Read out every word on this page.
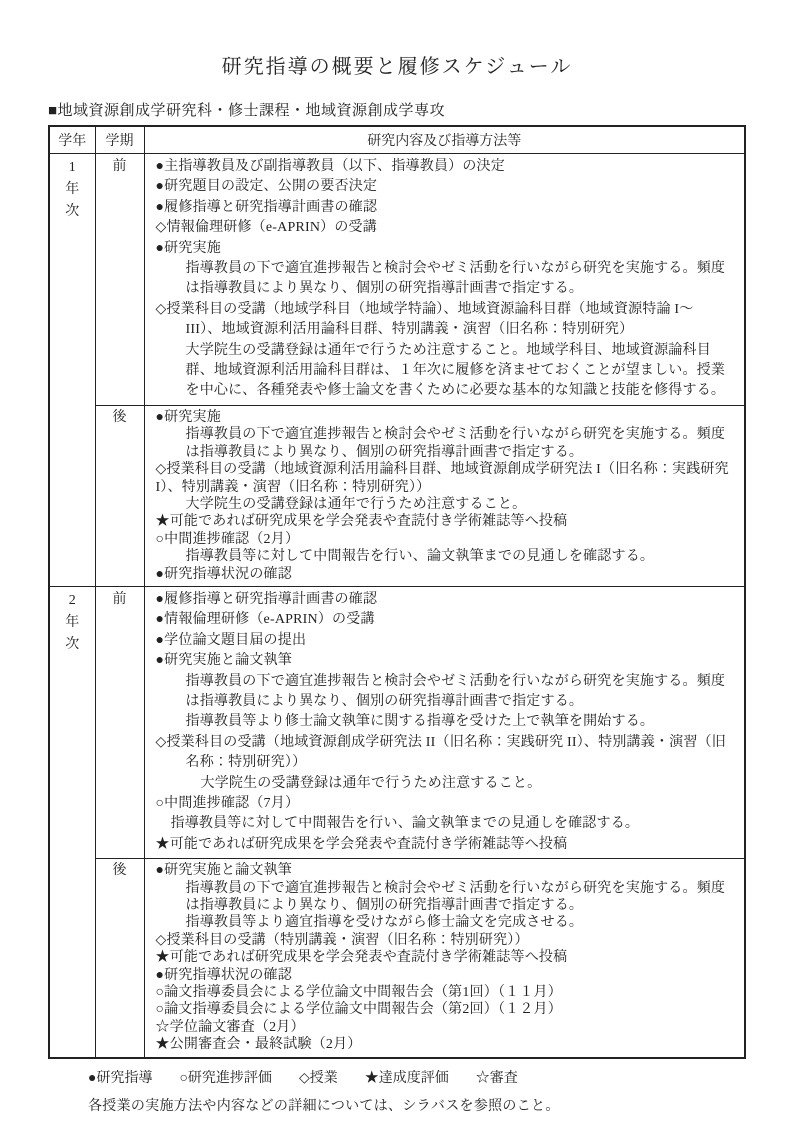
研究指導の概要と履修スケジュール
■地域資源創成学研究科・修士課程・地域資源創成学専攻
学年	学期	研究内容及び指導方法等

1
年
次
	前	●主指導教員及び副指導教員（以下、指導教員）の決定
●研究題目の設定、公開の要否決定
●履修指導と研究指導計画書の確認
◇情報倫理研修（e-APRIN）の受講
●研究実施
指導教員の下で適宜進捗報告と検討会やゼミ活動を行いながら研究を実施する。頻度
は指導教員により異なり、個別の研究指導計画書で指定する。
◇授業科目の受講（地域学科目（地域学特論）、地域資源論科目群（地域資源特論 I～
III）、地域資源利活用論科目群、特別講義・演習（旧名称：特別研究）
大学院生の受講登録は通年で行うため注意すること。地域学科目、地域資源論科目
群、地域資源利活用論科目群は、１年次に履修を済ませておくことが望ましい。授業
を中心に、各種発表や修士論文を書くために必要な基本的な知識と技能を修得する。

後	●研究実施
指導教員の下で適宜進捗報告と検討会やゼミ活動を行いながら研究を実施する。頻度
は指導教員により異なり、個別の研究指導計画書で指定する。
◇授業科目の受講（地域資源利活用論科目群、地域資源創成学研究法 I（旧名称：実践研究
I）、特別講義・演習（旧名称：特別研究））
大学院生の受講登録は通年で行うため注意すること。
★可能であれば研究成果を学会発表や査読付き学術雑誌等へ投稿
○中間進捗確認（2月）
指導教員等に対して中間報告を行い、論文執筆までの見通しを確認する。
●研究指導状況の確認

2
年
次
	前	●履修指導と研究指導計画書の確認
●情報倫理研修（e-APRIN）の受講
●学位論文題目届の提出
●研究実施と論文執筆
指導教員の下で適宜進捗報告と検討会やゼミ活動を行いながら研究を実施する。頻度
は指導教員により異なり、個別の研究指導計画書で指定する。
指導教員等より修士論文執筆に関する指導を受けた上で執筆を開始する。
◇授業科目の受講（地域資源創成学研究法 II（旧名称：実践研究 II）、特別講義・演習（旧
名称：特別研究））
大学院生の受講登録は通年で行うため注意すること。
○中間進捗確認（7月）
指導教員等に対して中間報告を行い、論文執筆までの見通しを確認する。
★可能であれば研究成果を学会発表や査読付き学術雑誌等へ投稿

後	●研究実施と論文執筆
指導教員の下で適宜進捗報告と検討会やゼミ活動を行いながら研究を実施する。頻度
は指導教員により異なり、個別の研究指導計画書で指定する。
指導教員等より適宜指導を受けながら修士論文を完成させる。
◇授業科目の受講（特別講義・演習（旧名称：特別研究））
★可能であれば研究成果を学会発表や査読付き学術雑誌等へ投稿
●研究指導状況の確認
○論文指導委員会による学位論文中間報告会（第1回）（１１月）
○論文指導委員会による学位論文中間報告会（第2回）（１２月）
☆学位論文審査（2月）
★公開審査会・最終試験（2月）
●研究指導 ○研究進捗評価 ◇授業 ★達成度評価 ☆審査
各授業の実施方法や内容などの詳細については、シラバスを参照のこと。
